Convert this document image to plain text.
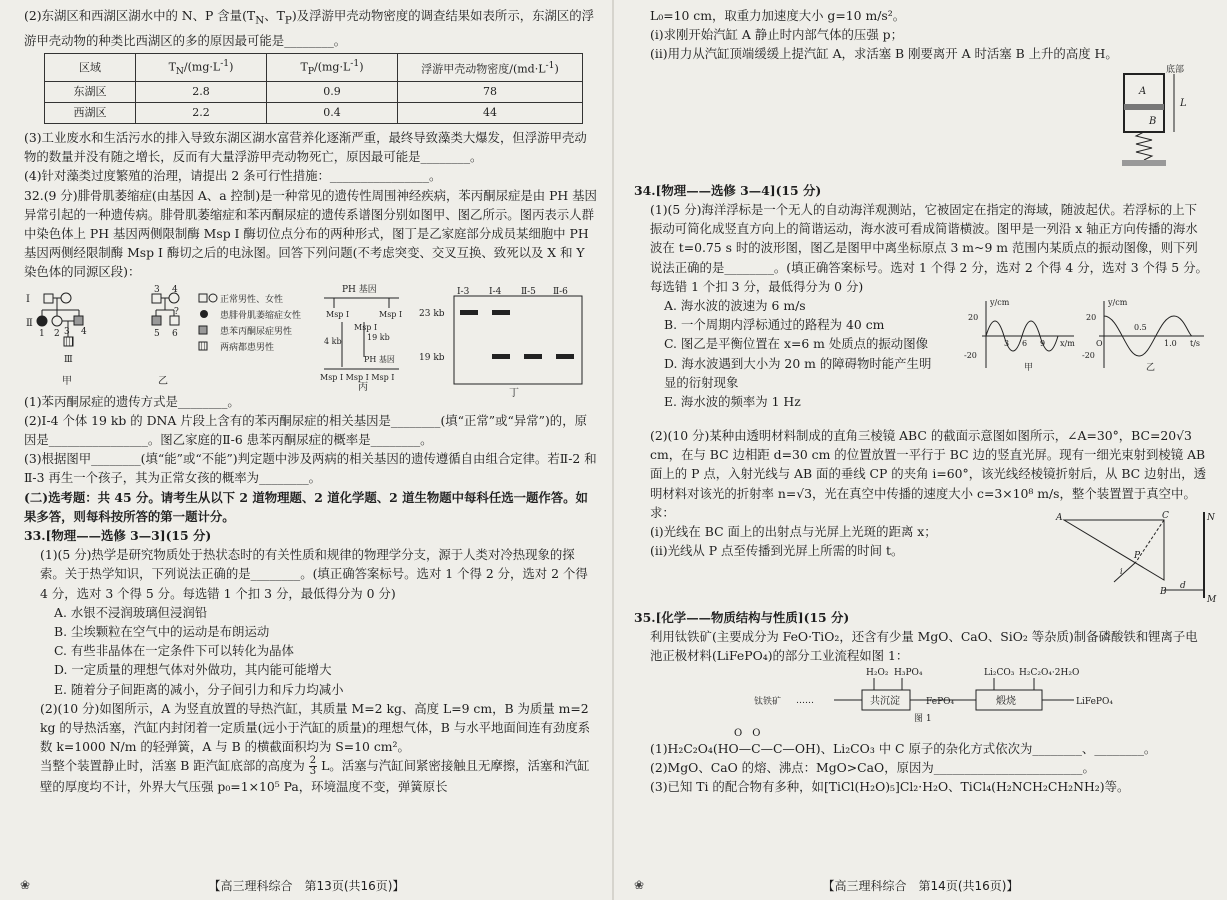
(2)东湖区和西湖区湖水中的 N、P 含量($T_N$、$T_P$)及浮游甲壳动物密度的调查结果如表所示，东湖区的浮游甲壳动物的种类比西湖区的多的原因最可能是________。

区域	$T_N/(mg\cdot L^{-1})$	$T_P/(mg\cdot L^{-1})$	浮游甲壳动物密度$/(md\cdot L^{-1})$
东湖区	2.8	0.9	78
西湖区	2.2	0.4	44

(3)工业废水和生活污水的排入导致东湖区湖水富营养化逐渐严重，最终导致藻类大爆发，但浮游甲壳动物的数量并没有随之增长，反而有大量浮游甲壳动物死亡，原因最可能是________。

(4)针对藻类过度繁殖的治理，请提出 2 条可行性措施：________________。

32.(9 分)腓骨肌萎缩症(由基因 A、a 控制)是一种常见的遗传性周围神经疾病，苯丙酮尿症是由 PH 基因异常引起的一种遗传病。腓骨肌萎缩症和苯丙酮尿症的遗传系谱图分别如图甲、图乙所示。图丙表示人群中染色体上 PH 基因两侧限制酶 Msp Ⅰ 酶切位点分布的两种形式，图丁是乙家庭部分成员某细胞中 PH 基因两侧经限制酶 Msp Ⅰ 酶切之后的电泳图。回答下列问题(不考虑突变、交叉互换、致死以及 X 和 Y 染色体的同源区段)：

Ⅰ
Ⅱ
1 2 3 4
Ⅲ
甲
3 4
5 6
?
乙
正常男性、女性
患腓骨肌萎缩症女性
患苯丙酮尿症男性
两病都患男性
PH 基因
Msp Ⅰ	Msp Ⅰ
4 kb	19 kb
Msp Ⅰ
PH 基因
Msp Ⅰ Msp Ⅰ Msp Ⅰ
丙
23 kb
19 kb
Ⅰ-3 Ⅰ-4 Ⅱ-5 Ⅱ-6
丁

(1)苯丙酮尿症的遗传方式是________。

(2)Ⅰ-4 个体 19 kb 的 DNA 片段上含有的苯丙酮尿症的相关基因是________(填“正常”或“异常”)的，原因是________________。图乙家庭的Ⅱ-6 患苯丙酮尿症的概率是________。

(3)根据图甲________(填“能”或“不能”)判定题中涉及两病的相关基因的遗传遵循自由组合定律。若Ⅱ-2 和Ⅱ-3 再生一个孩子，其为正常女孩的概率为________。

(二)选考题：共 45 分。请考生从以下 2 道物理题、2 道化学题、2 道生物题中每科任选一题作答。如果多答，则每科按所答的第一题计分。

33.[物理——选修 3—3](15 分)

(1)(5 分)热学是研究物质处于热状态时的有关性质和规律的物理学分支，源于人类对冷热现象的探索。关于热学知识，下列说法正确的是________。(填正确答案标号。选对 1 个得 2 分，选对 2 个得 4 分，选对 3 个得 5 分。每选错 1 个扣 3 分，最低得分为 0 分)

A. 水银不浸润玻璃但浸润铅

B. 尘埃颗粒在空气中的运动是布朗运动

C. 有些非晶体在一定条件下可以转化为晶体

D. 一定质量的理想气体对外做功，其内能可能增大

E. 随着分子间距离的减小，分子间引力和斥力均减小

(2)(10 分)如图所示，A 为竖直放置的导热汽缸，其质量 M=2 kg、高度 L=9 cm，B 为质量 m=2 kg 的导热活塞，汽缸内封闭着一定质量(远小于汽缸的质量)的理想气体，B 与水平地面间连有劲度系数 k=1000 N/m 的轻弹簧，A 与 B 的横截面积均为 S=10 cm²。

当整个装置静止时，活塞 B 距汽缸底部的高度为 $\frac{2}{3}$ L。活塞与汽缸间紧密接触且无摩擦，活塞和汽缸壁的厚度均不计，外界大气压强 p₀=1×10⁵ Pa，环境温度不变，弹簧原长

❀	【高三理科综合　第13页(共16页)】

L₀=10 cm，取重力加速度大小 g=10 m/s²。

(ⅰ)求刚开始汽缸 A 静止时内部气体的压强 p；

(ⅱ)用力从汽缸顶端缓缓上提汽缸 A，求活塞 B 刚要离开 A 时活塞 B 上升的高度 H。

底部
A
B
L

34.[物理——选修 3—4](15 分)

(1)(5 分)海洋浮标是一个无人的自动海洋观测站，它被固定在指定的海域，随波起伏。若浮标的上下振动可简化成竖直方向上的简谐运动，海水波可看成简谐横波。图甲是一列沿 x 轴正方向传播的海水波在 t=0.75 s 时的波形图，图乙是图甲中离坐标原点 3 m~9 m 范围内某质点的振动图像，则下列说法正确的是________。(填正确答案标号。选对 1 个得 2 分，选对 2 个得 4 分，选对 3 个得 5 分。每选错 1 个扣 3 分，最低得分为 0 分)

A. 海水波的波速为 6 m/s

B. 一个周期内浮标通过的路程为 40 cm

C. 图乙是平衡位置在 x=6 m 处质点的振动图像

D. 海水波遇到大小为 20 m 的障碍物时能产生明显的衍射现象

E. 海水波的频率为 1 Hz

y/cm
20
-20
3 6 9 x/m
甲
y/cm
20
-20
O
0.5
1.0 t/s
乙

(2)(10 分)某种由透明材料制成的直角三棱镜 ABC 的截面示意图如图所示，∠A=30°，BC=20√3 cm，在与 BC 边相距 d=30 cm 的位置放置一平行于 BC 边的竖直光屏。现有一细光束射到棱镜 AB 面上的 P 点，入射光线与 AB 面的垂线 CP 的夹角 i=60°，该光线经棱镜折射后，从 BC 边射出，透明材料对该光的折射率 n=√3，光在真空中传播的速度大小 c=3×10⁸ m/s，整个装置置于真空中。求：

(ⅰ)光线在 BC 面上的出射点与光屏上光斑的距离 x；

(ⅱ)光线从 P 点至传播到光屏上所需的时间 t。

A	C
B
P
i
N
M
d

35.[化学——物质结构与性质](15 分)

利用钛铁矿(主要成分为 FeO·TiO₂，还含有少量 MgO、CaO、SiO₂ 等杂质)制备磷酸铁和锂离子电池正极材料(LiFePO₄)的部分工业流程如图 1：

H₂O₂ H₃PO₄	Li₂CO₃ H₂C₂O₄·2H₂O
钛铁矿 ……	共沉淀	FePO₄	煅烧	LiFePO₄
图 1

O　O

(1)H₂C₂O₄(HO—C—C—OH)、Li₂CO₃ 中 C 原子的杂化方式依次为________、________。

(2)MgO、CaO 的熔、沸点：MgO>CaO，原因为________________________。

(3)已知 Ti 的配合物有多种，如[TiCl(H₂O)₅]Cl₂·H₂O、TiCl₄(H₂NCH₂CH₂NH₂)等。

❀	【高三理科综合　第14页(共16页)】
